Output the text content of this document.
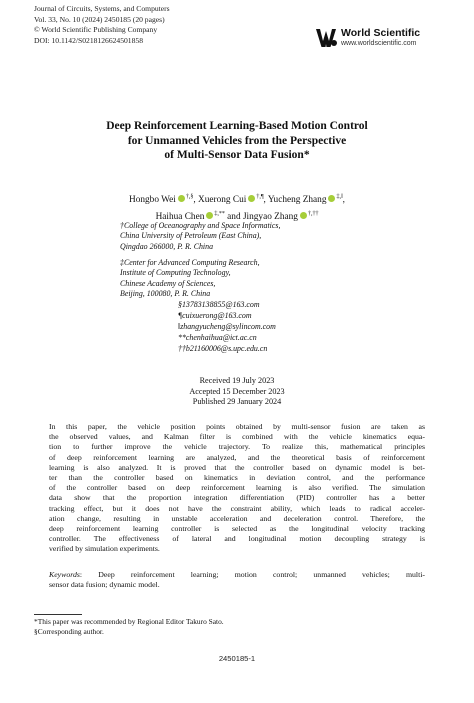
Journal of Circuits, Systems, and Computers
Vol. 33, No. 10 (2024) 2450185 (20 pages)
© World Scientific Publishing Company
DOI: 10.1142/S0218126624501858
World Scientific
www.worldscientific.com
Deep Reinforcement Learning-Based Motion Control
for Unmanned Vehicles from the Perspective
of Multi-Sensor Data Fusion*
Hongbo Wei †,§, Xuerong Cui †,¶, Yucheng Zhang ‡,‖,
Haihua Chen ‡,** and Jingyao Zhang †,††
†College of Oceanography and Space Informatics,
China University of Petroleum (East China),
Qingdao 266000, P. R. China
‡Center for Advanced Computing Research,
Institute of Computing Technology,
Chinese Academy of Sciences,
Beijing, 100080, P. R. China
§13783138855@163.com
¶cuixuerong@163.com
‖zhangyucheng@sylincom.com
**chenhaihua@ict.ac.cn
††b21160006@s.upc.edu.cn
Received 19 July 2023
Accepted 15 December 2023
Published 29 January 2024
In this paper, the vehicle position points obtained by multi-sensor fusion are taken as
the observed values, and Kalman filter is combined with the vehicle kinematics equa-
tion to further improve the vehicle trajectory. To realize this, mathematical principles
of deep reinforcement learning are analyzed, and the theoretical basis of reinforcement
learning is also analyzed. It is proved that the controller based on dynamic model is bet-
ter than the controller based on kinematics in deviation control, and the performance
of the controller based on deep reinforcement learning is also verified. The simulation
data show that the proportion integration differentiation (PID) controller has a better
tracking effect, but it does not have the constraint ability, which leads to radical acceler-
ation change, resulting in unstable acceleration and deceleration control. Therefore, the
deep reinforcement learning controller is selected as the longitudinal velocity tracking
controller. The effectiveness of lateral and longitudinal motion decoupling strategy is
verified by simulation experiments.
Keywords: Deep reinforcement learning; motion control; unmanned vehicles; multi-
sensor data fusion; dynamic model.
*This paper was recommended by Regional Editor Takuro Sato.
§Corresponding author.
2450185-1
